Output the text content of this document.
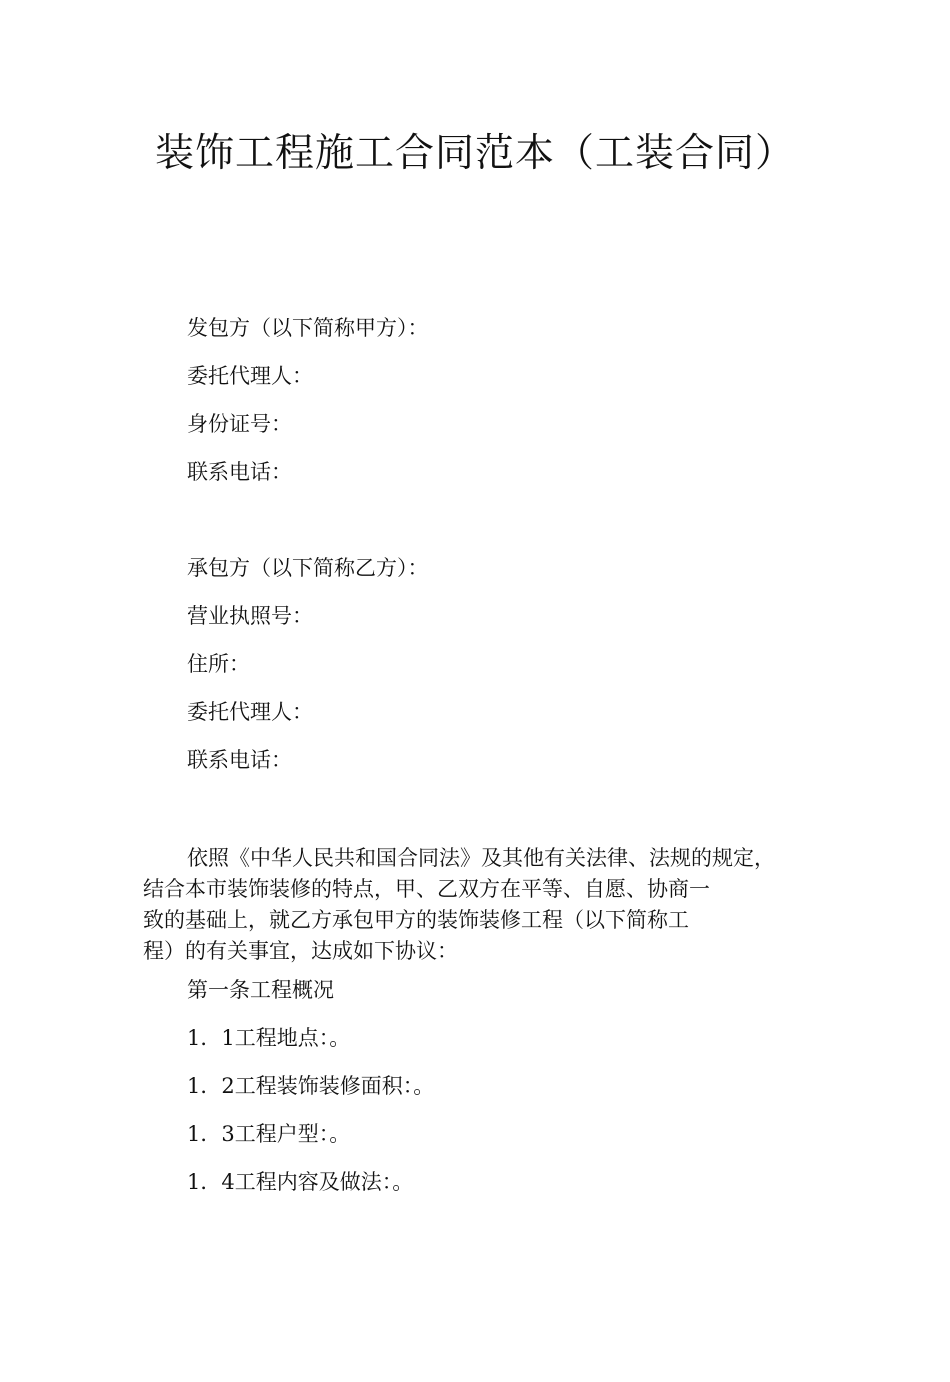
装饰工程施工合同范本（工装合同）
发包方（以下简称甲方）：
委托代理人：
身份证号：
联系电话：
承包方（以下简称乙方）：
营业执照号：
住所：
委托代理人：
联系电话：
依照《中华人民共和国合同法》及其他有关法律、法规的规定，
结合本市装饰装修的特点，甲、乙双方在平等、自愿、协商一
致的基础上，就乙方承包甲方的装饰装修工程（以下简称工
程）的有关事宜，达成如下协议：
第一条工程概况
1．1工程地点：。
1．2工程装饰装修面积：。
1．3工程户型：。
1．4工程内容及做法：。
